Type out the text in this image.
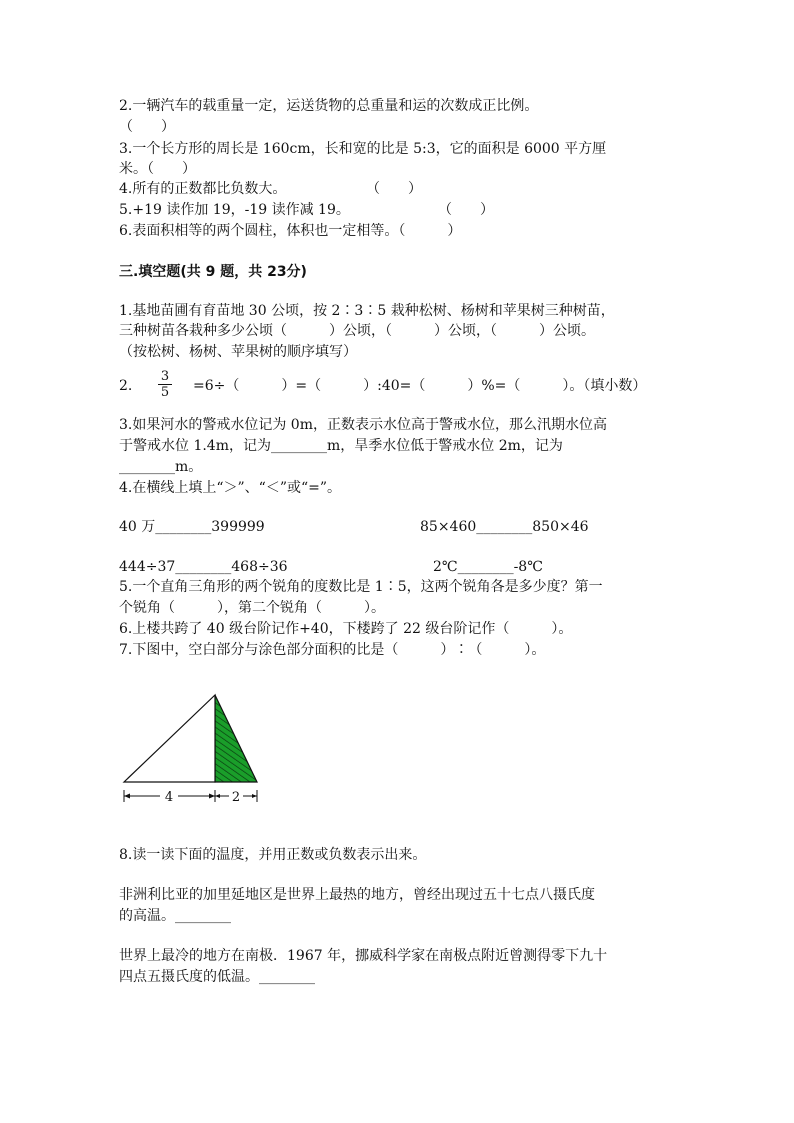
2.一辆汽车的载重量一定，运送货物的总重量和运的次数成正比例。
（　　）
3.一个长方形的周长是 160cm，长和宽的比是 5:3，它的面积是 6000 平方厘
米。（　　）
4.所有的正数都比负数大。	（　　）
5.+19 读作加 19，-19 读作减 19。	（　　）
6.表面积相等的两个圆柱，体积也一定相等。（　　　）
三.填空题(共 9 题，共 23分)
1.基地苗圃有育苗地 30 公顷，按 2∶3∶5 栽种松树、杨树和苹果树三种树苗，
三种树苗各栽种多少公顷（　　　）公顷，（　　　）公顷，（　　　）公顷。
（按松树、杨树、苹果树的顺序填写）
2. $\frac{3}{5} =6\div$（　　　）=（　　　）:40=（　　　）%=（　　　）。（填小数）
3.如果河水的警戒水位记为 0m，正数表示水位高于警戒水位，那么汛期水位高
于警戒水位 1.4m，记为________m，旱季水位低于警戒水位 2m，记为
________m。
4.在横线上填上“＞”、“＜”或“=”。
40 万________399999	85×460________850×46
444÷37________468÷36	2℃________-8℃
5.一个直角三角形的两个锐角的度数比是 1∶5，这两个锐角各是多少度？第一
个锐角（　　　），第二个锐角（　　　）。
6.上楼共跨了 40 级台阶记作+40，下楼跨了 22 级台阶记作（　　　）。
7.下图中，空白部分与涂色部分面积的比是（　　　）∶（　　　）。
4	2
8.读一读下面的温度，并用正数或负数表示出来。
非洲利比亚的加里延地区是世界上最热的地方，曾经出现过五十七点八摄氏度
的高温。________
世界上最冷的地方在南极．1967 年，挪威科学家在南极点附近曾测得零下九十
四点五摄氏度的低温。________
